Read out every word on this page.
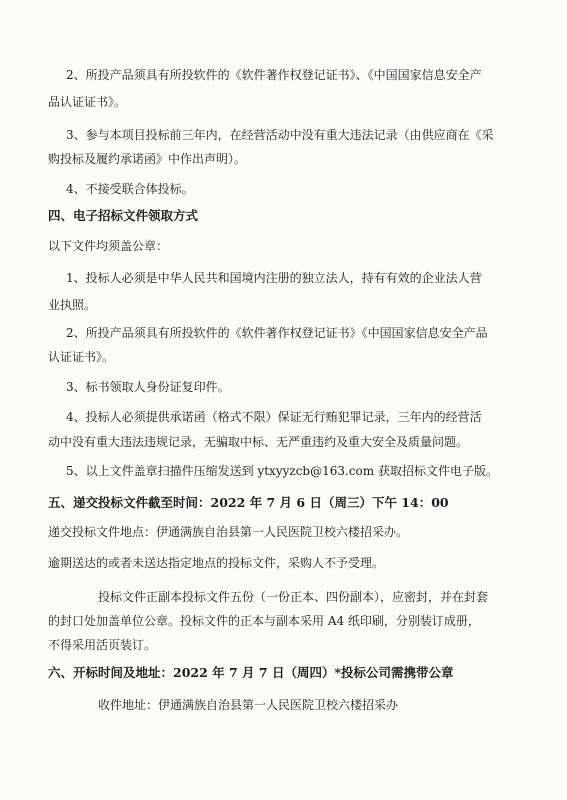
2、所投产品须具有所投软件的《软件著作权登记证书》、《中国国家信息安全产
品认证证书》。
3、参与本项目投标前三年内，在经营活动中没有重大违法记录（由供应商在《采
购投标及履约承诺函》中作出声明）。
4、不接受联合体投标。
四、电子招标文件领取方式
以下文件均须盖公章：
1、投标人必须是中华人民共和国境内注册的独立法人，持有有效的企业法人营
业执照。
2、所投产品须具有所投软件的《软件著作权登记证书》《中国国家信息安全产品
认证证书》。
3、标书领取人身份证复印件。
4、投标人必须提供承诺函（格式不限）保证无行贿犯罪记录，三年内的经营活
动中没有重大违法违规记录，无骗取中标、无严重违约及重大安全及质量问题。
5、以上文件盖章扫描件压缩发送到 ytxyyzcb@163.com 获取招标文件电子版。
五、递交投标文件截至时间：2022 年 7 月 6 日（周三）下午 14：00
递交投标文件地点：伊通满族自治县第一人民医院卫校六楼招采办。
逾期送达的或者未送达指定地点的投标文件，采购人不予受理。
投标文件正副本投标文件五份（一份正本、四份副本），应密封，并在封套
的封口处加盖单位公章。投标文件的正本与副本采用 A4 纸印刷，分别装订成册，
不得采用活页装订。
六、开标时间及地址：2022 年 7 月 7 日（周四）*投标公司需携带公章
收件地址：伊通满族自治县第一人民医院卫校六楼招采办
